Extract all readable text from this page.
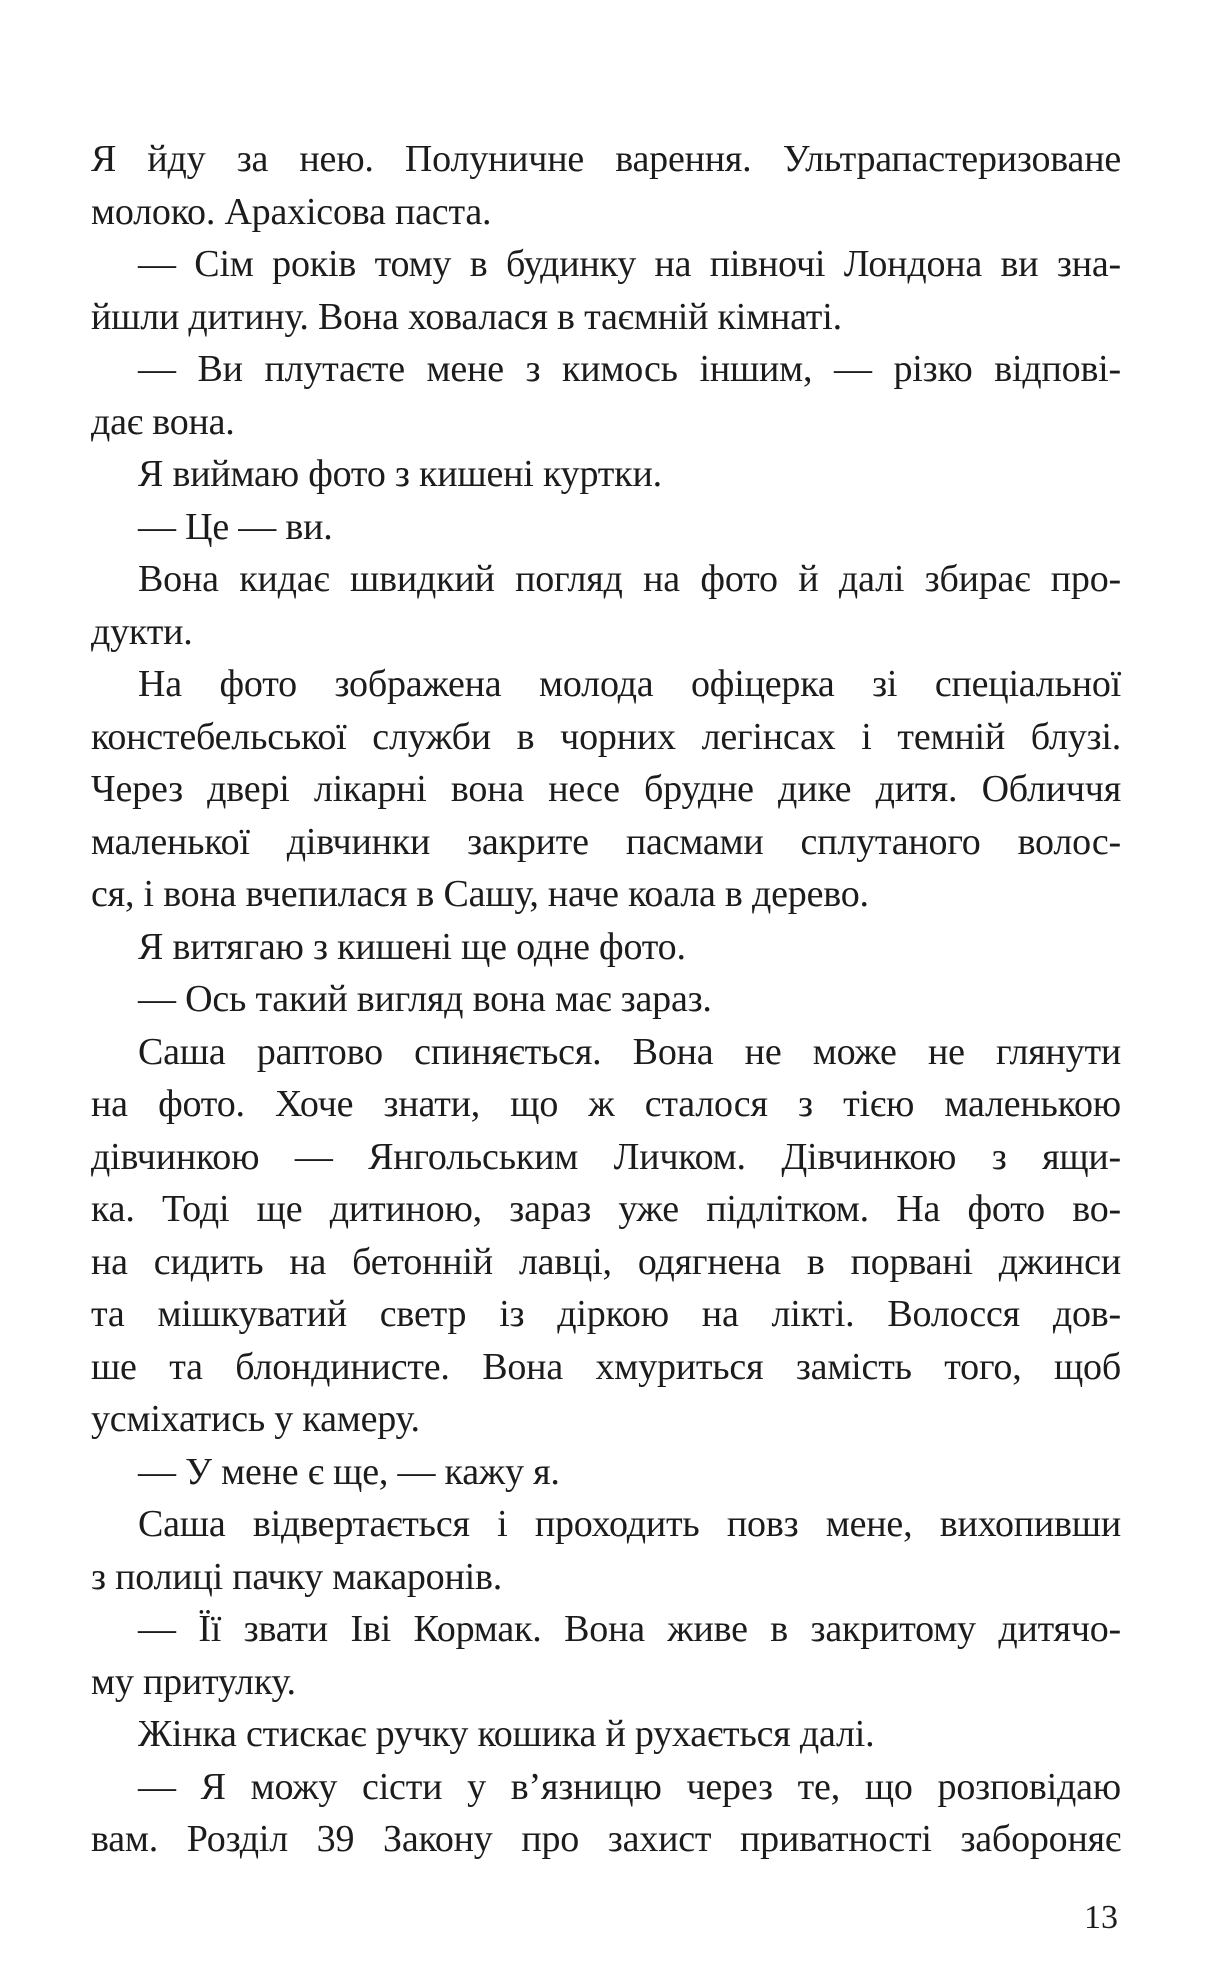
Я йду за нею. Полуничне варення. Ультрапастеризоване
молоко. Арахісова паста.
— Сім років тому в будинку на півночі Лондона ви зна-
йшли дитину. Вона ховалася в таємній кімнаті.
— Ви плутаєте мене з кимось іншим, — різко відпові-
дає вона.
Я виймаю фото з кишені куртки.
— Це — ви.
Вона кидає швидкий погляд на фото й далі збирає про-
дукти.
На фото зображена молода офіцерка зі спеціальної
констебельської служби в чорних легінсах і темній блузі.
Через двері лікарні вона несе брудне дике дитя. Обличчя
маленької дівчинки закрите пасмами сплутаного волос-
ся, і вона вчепилася в Сашу, наче коала в дерево.
Я витягаю з кишені ще одне фото.
— Ось такий вигляд вона має зараз.
Саша раптово спиняється. Вона не може не глянути
на фото. Хоче знати, що ж сталося з тією маленькою
дівчинкою — Янгольським Личком. Дівчинкою з ящи-
ка. Тоді ще дитиною, зараз уже підлітком. На фото во-
на сидить на бетонній лавці, одягнена в порвані джинси
та мішкуватий светр із діркою на лікті. Волосся дов-
ше та блондинисте. Вона хмуриться замість того, щоб
усміхатись у камеру.
— У мене є ще, — кажу я.
Саша відвертається і проходить повз мене, вихопивши
з полиці пачку макаронів.
— Її звати Іві Кормак. Вона живе в закритому дитячо-
му притулку.
Жінка стискає ручку кошика й рухається далі.
— Я можу сісти у в’язницю через те, що розповідаю
вам. Розділ 39 Закону про захист приватності забороняє
13
